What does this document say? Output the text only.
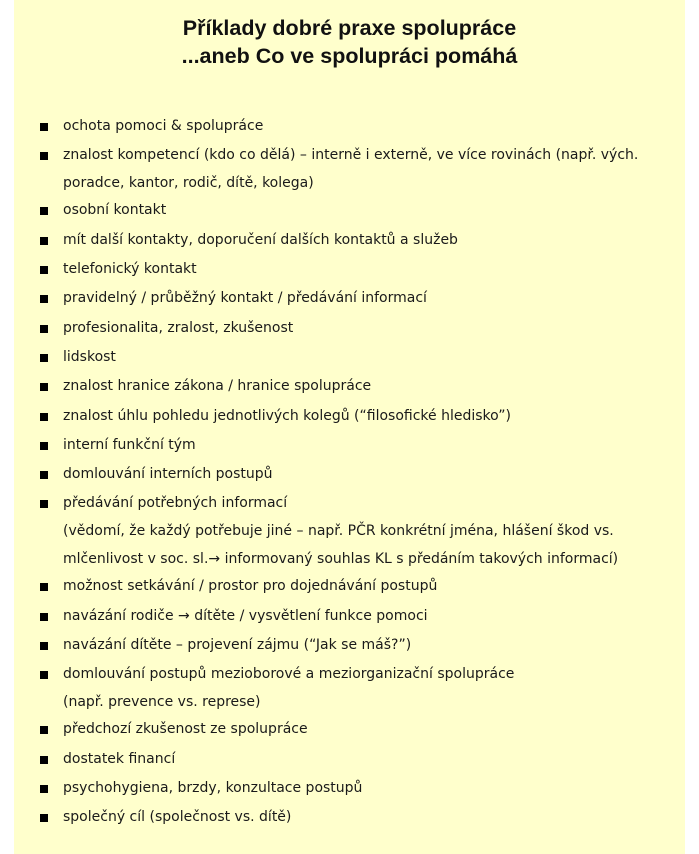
Příklady dobré praxe spolupráce
...aneb Co ve spolupráci pomáhá
ochota pomoci & spolupráce
znalost kompetencí (kdo co dělá) – interně i externě, ve více rovinách (např. vých.
poradce, kantor, rodič, dítě, kolega)
osobní kontakt
mít další kontakty, doporučení dalších kontaktů a služeb
telefonický kontakt
pravidelný / průběžný kontakt / předávání informací
profesionalita, zralost, zkušenost
lidskost
znalost hranice zákona / hranice spolupráce
znalost úhlu pohledu jednotlivých kolegů (“filosofické hledisko”)
interní funkční tým
domlouvání interních postupů
předávání potřebných informací
(vědomí, že každý potřebuje jiné – např. PČR konkrétní jména, hlášení škod vs.
mlčenlivost v soc. sl.→ informovaný souhlas KL s předáním takových informací)
možnost setkávání / prostor pro dojednávání postupů
navázání rodiče → dítěte / vysvětlení funkce pomoci
navázání dítěte – projevení zájmu (“Jak se máš?”)
domlouvání postupů mezioborové a meziorganizační spolupráce
(např. prevence vs. represe)
předchozí zkušenost ze spolupráce
dostatek financí
psychohygiena, brzdy, konzultace postupů
společný cíl (společnost vs. dítě)
